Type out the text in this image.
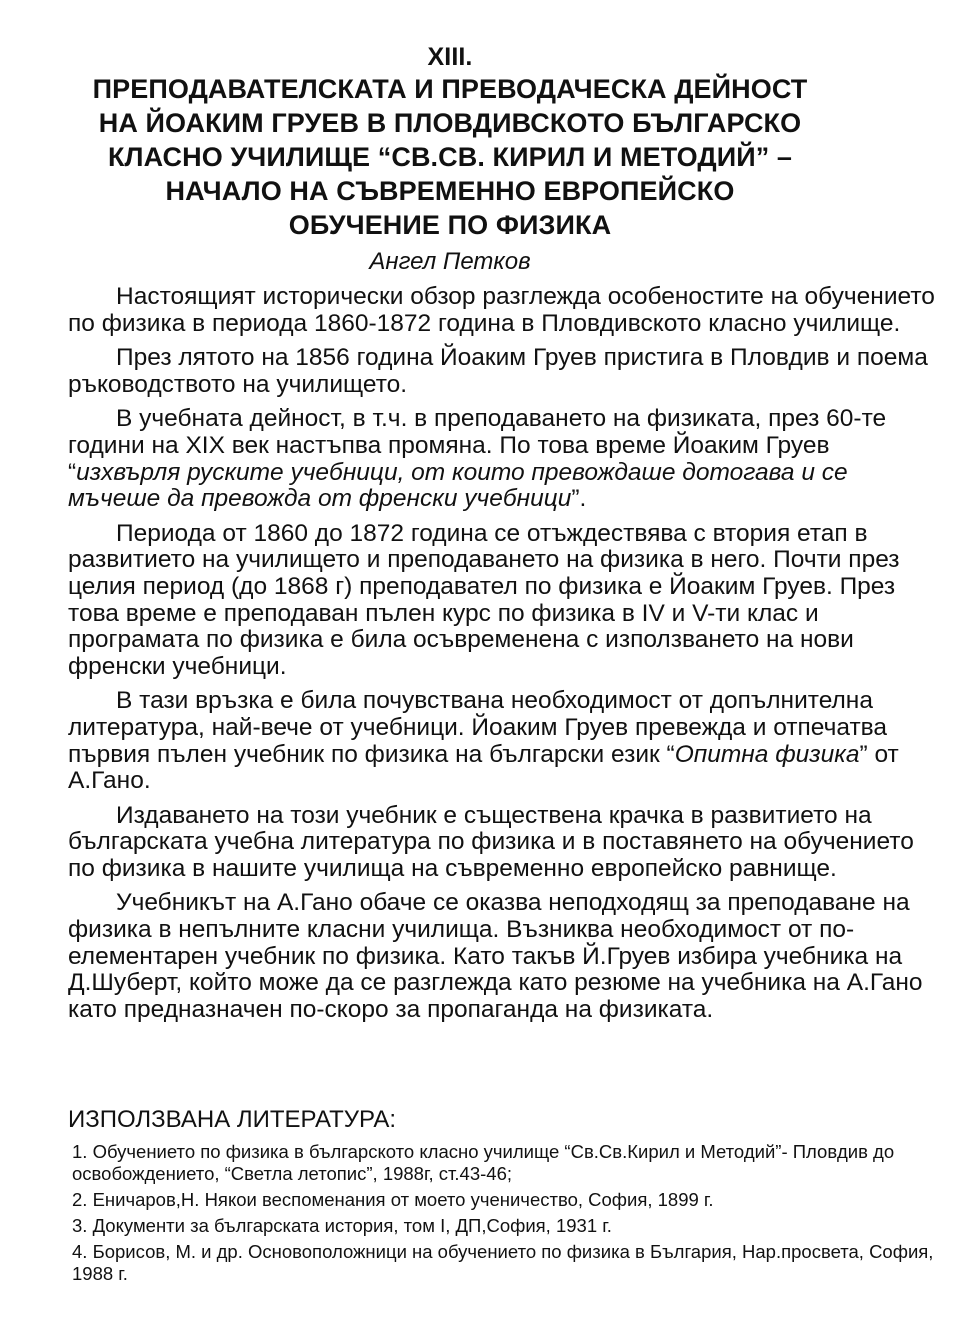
XIII.
ПРЕПОДАВАТЕЛСКАТА И ПРЕВОДАЧЕСКА ДЕЙНОСТ
НА ЙОАКИМ ГРУЕВ В ПЛОВДИВСКОТО БЪЛГАРСКО
КЛАСНО УЧИЛИЩЕ “СВ.СВ. КИРИЛ И МЕТОДИЙ” –
НАЧАЛО НА СЪВРЕМЕННО ЕВРОПЕЙСКО
ОБУЧЕНИЕ ПО ФИЗИКА
Ангел Петков

Настоящият исторически обзор разглежда особеностите на обучението по физика в периода 1860-1872 година в Пловдивското класно училище.

През лятото на 1856 година Йоаким Груев пристига в Пловдив и поема ръководството на училището.

В учебната дейност, в т.ч. в преподаването на физиката, през 60-те години на XIX век настъпва промяна. По това време Йоаким Груев “изхвърля руските учебници, от които превождаше дотогава и се мъчеше да превожда от френски учебници”.

Периода от 1860 до 1872 година се отъждествява с втория етап в развитието на училището и преподаването на физика в него. Почти през целия период (до 1868 г) преподавател по физика е Йоаким Груев. През това време е преподаван пълен курс по физика в IV и V-ти клас и програмата по физика е била осъвременена с използването на нови френски учебници.

В тази връзка е била почувствана необходимост от допълнителна литература, най-вече от учебници. Йоаким Груев превежда и отпечатва първия пълен учебник по физика на български език “Опитна физика” от А.Гано.

Издаването на този учебник е съществена крачка в развитието на българската учебна литература по физика и в поставянето на обучението по физика в нашите училища на съвременно европейско равнище.

Учебникът на А.Гано обаче се оказва неподходящ за преподаване на физика в непълните класни училища. Възниква необходимост от по-елементарен учебник по физика. Като такъв Й.Груев избира учебника на Д.Шуберт, който може да се разглежда като резюме на учебника на А.Гано като предназначен по-скоро за пропаганда на физиката.

ИЗПОЛЗВАНА ЛИТЕРАТУРА:
1. Обучението по физика в българското класно училище “Св.Св.Кирил и Методий”- Пловдив до освобождението, “Светла летопис”, 1988г, ст.43-46;
2. Еничаров,Н. Някои веспоменания от моето ученичество, София, 1899 г.
3. Документи за българската история, том I, ДП,София, 1931 г.
4. Борисов, М. и др. Основоположници на обучението по физика в България, Нар.просвета, София, 1988 г.
